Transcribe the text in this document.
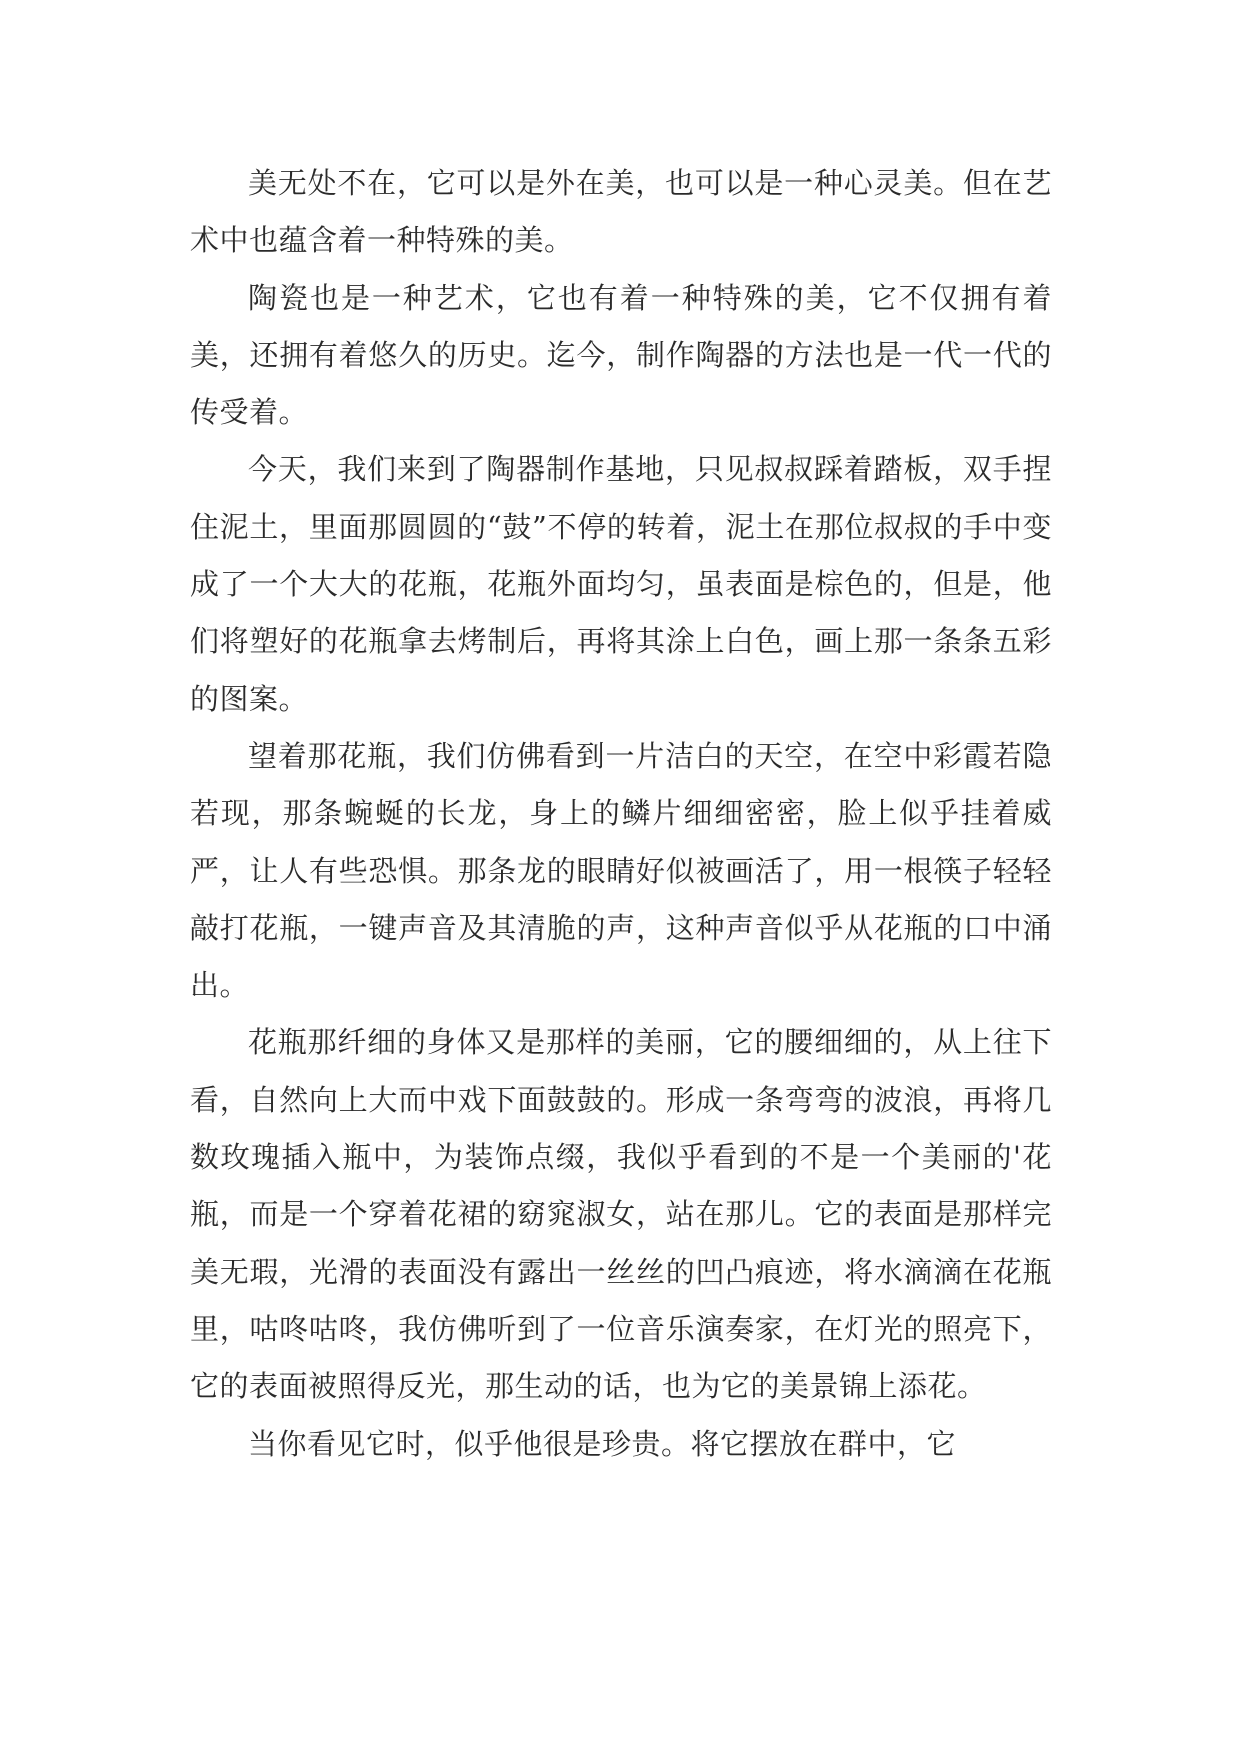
美无处不在，它可以是外在美，也可以是一种心灵美。但在艺术中也蕴含着一种特殊的美。

陶瓷也是一种艺术，它也有着一种特殊的美，它不仅拥有着美，还拥有着悠久的历史。迄今，制作陶器的方法也是一代一代的传受着。

今天，我们来到了陶器制作基地，只见叔叔踩着踏板，双手捏住泥土，里面那圆圆的“鼓”不停的转着，泥土在那位叔叔的手中变成了一个大大的花瓶，花瓶外面均匀，虽表面是棕色的，但是，他们将塑好的花瓶拿去烤制后，再将其涂上白色，画上那一条条五彩的图案。

望着那花瓶，我们仿佛看到一片洁白的天空，在空中彩霞若隐若现，那条蜿蜒的长龙，身上的鳞片细细密密，脸上似乎挂着威严，让人有些恐惧。那条龙的眼睛好似被画活了，用一根筷子轻轻敲打花瓶，一键声音及其清脆的声，这种声音似乎从花瓶的口中涌出。

花瓶那纤细的身体又是那样的美丽，它的腰细细的，从上往下看，自然向上大而中戏下面鼓鼓的。形成一条弯弯的波浪，再将几数玫瑰插入瓶中，为装饰点缀，我似乎看到的不是一个美丽的'花瓶，而是一个穿着花裙的窈窕淑女，站在那儿。它的表面是那样完美无瑕，光滑的表面没有露出一丝丝的凹凸痕迹，将水滴滴在花瓶里，咕咚咕咚，我仿佛听到了一位音乐演奏家，在灯光的照亮下，它的表面被照得反光，那生动的话，也为它的美景锦上添花。

当你看见它时，似乎他很是珍贵。将它摆放在群中，它
